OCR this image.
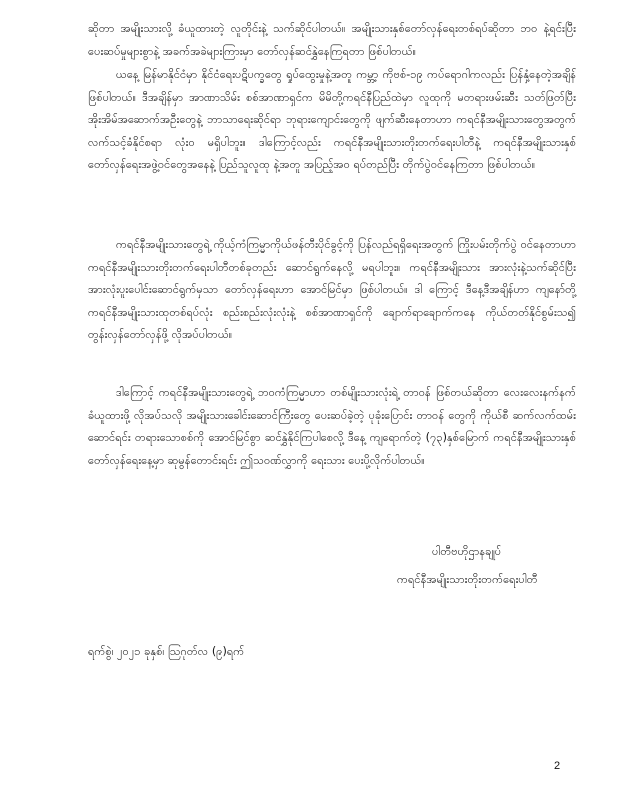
ဆိုတာ အမျိုးသားလို့ ခံယူထားတဲ့ လူတိုင်းနဲ့ သက်ဆိုင်ပါတယ်။ အမျိုးသားနှစ်တော်လှန်ရေးတစ်ရပ်ဆိုတာ ဘဝ နဲ့ရင်းပြီး ပေးဆပ်မှုများစွာနဲ့ အခက်အခဲများကြားမှာ တော်လှန်ဆင်နွှဲနေကြရတာ ဖြစ်ပါတယ်။

ယနေ့ မြန်မာနိုင်ငံမှာ နိုင်ငံရေးပဋိပက္ခတွေ ရှုပ်ထွေးမှုနဲ့အတူ ကမ္ဘာ့ ကိုဗစ်-၁၉ ကပ်ရောဂါကလည်း ပြန်နှံ့နေတဲ့အချိန် ဖြစ်ပါတယ်။ ဒီအချိန်မှာ အာဏာသိမ်း စစ်အာဏာရှင်က မိမိတို့ကရင်နီပြည်ထဲမှာ လူထုကို မတရားဖမ်းဆီး သတ်ဖြတ်ပြီး အိုးအိမ်အဆောက်အဦးတွေနဲ့ ဘာသာရေးဆိုင်ရာ ဘုရားကျောင်းတွေကို ဖျက်ဆီးနေတာဟာ ကရင်နီအမျိုးသားတွေအတွက် လက်သင့်ခံနိုင်စရာ လုံးဝ မရှိပါဘူး။ ဒါကြောင့်လည်း ကရင်နီအမျိုးသားတိုးတက်ရေးပါတီနဲ့ ကရင်နီအမျိုးသားနှစ်တော်လှန်ရေးအဖွဲ့ဝင်တွေအနေနဲ့ ပြည်သူလူထု နဲ့အတူ အပြည့်အဝ ရပ်တည်ပြီး တိုက်ပွဲဝင်နေကြတာ ဖြစ်ပါတယ်။

ကရင်နီအမျိုးသားတွေရဲ့ ကိုယ့်ကံကြမ္မာကိုယ်ဖန်တီးပိုင်ခွင့်ကို ပြန်လည်ရရှိရေးအတွက် ကြိုးပမ်းတိုက်ပွဲ ဝင်နေတာဟာ ကရင်နီအမျိုးသားတိုးတက်ရေးပါတီတစ်ခုတည်း ဆောင်ရွက်နေလို့ မရပါဘူး။ ကရင်နီအမျိုးသား အားလုံးနဲ့သက်ဆိုင်ပြီး အားလုံးပူးပေါင်းဆောင်ရွက်မှသာ တော်လှန်ရေးဟာ အောင်မြင်မှာ ဖြစ်ပါတယ်။ ဒါ ကြောင့် ဒီနေ့ဒီအချိန်ဟာ ကျနော်တို့ကရင်နီအမျိုးသားထုတစ်ရပ်လုံး စည်းစည်းလုံးလုံးနဲ့ စစ်အာဏာရှင်ကို ချောက်ရာချောက်ကနေ ကိုယ်တတ်နိုင်စွမ်းသ၍ တွန်းလှန်တော်လှန်ဖို့ လိုအပ်ပါတယ်။

ဒါကြောင့် ကရင်နီအမျိုးသားတွေရဲ့ ဘဝကံကြမ္မာဟာ တစ်မျိုးသားလုံးရဲ့ တာဝန် ဖြစ်တယ်ဆိုတာ လေးလေးနက်နက်ခံယူထားဖို့ လိုအပ်သလို အမျိုးသားခေါင်းဆောင်ကြီးတွေ ပေးဆပ်ခဲ့တဲ့ ပုခုံးပြောင်း တာဝန် တွေကို ကိုယ်စီ ဆက်လက်ထမ်းဆောင်ရင်း တရားသောစစ်ကို အောင်မြင်စွာ ဆင်နွှဲနိုင်ကြပါစေလို့ ဒီနေ့ ကျရောက်တဲ့ (၇၃)နှစ်မြောက် ကရင်နီအမျိုးသားနှစ်တော်လှန်ရေးနေ့မှာ ဆုမွန်တောင်းရင်း ဤသဝဏ်လွှာကို ရေးသား ပေးပို့လိုက်ပါတယ်။

ပါတီဗဟိုဌာနချုပ်
ကရင်နီအမျိုးသားတိုးတက်ရေးပါတီ
ရက်စွဲ၊ ၂၀၂၁ ခုနှစ်၊ ဩဂုတ်လ (၉)ရက်
2
